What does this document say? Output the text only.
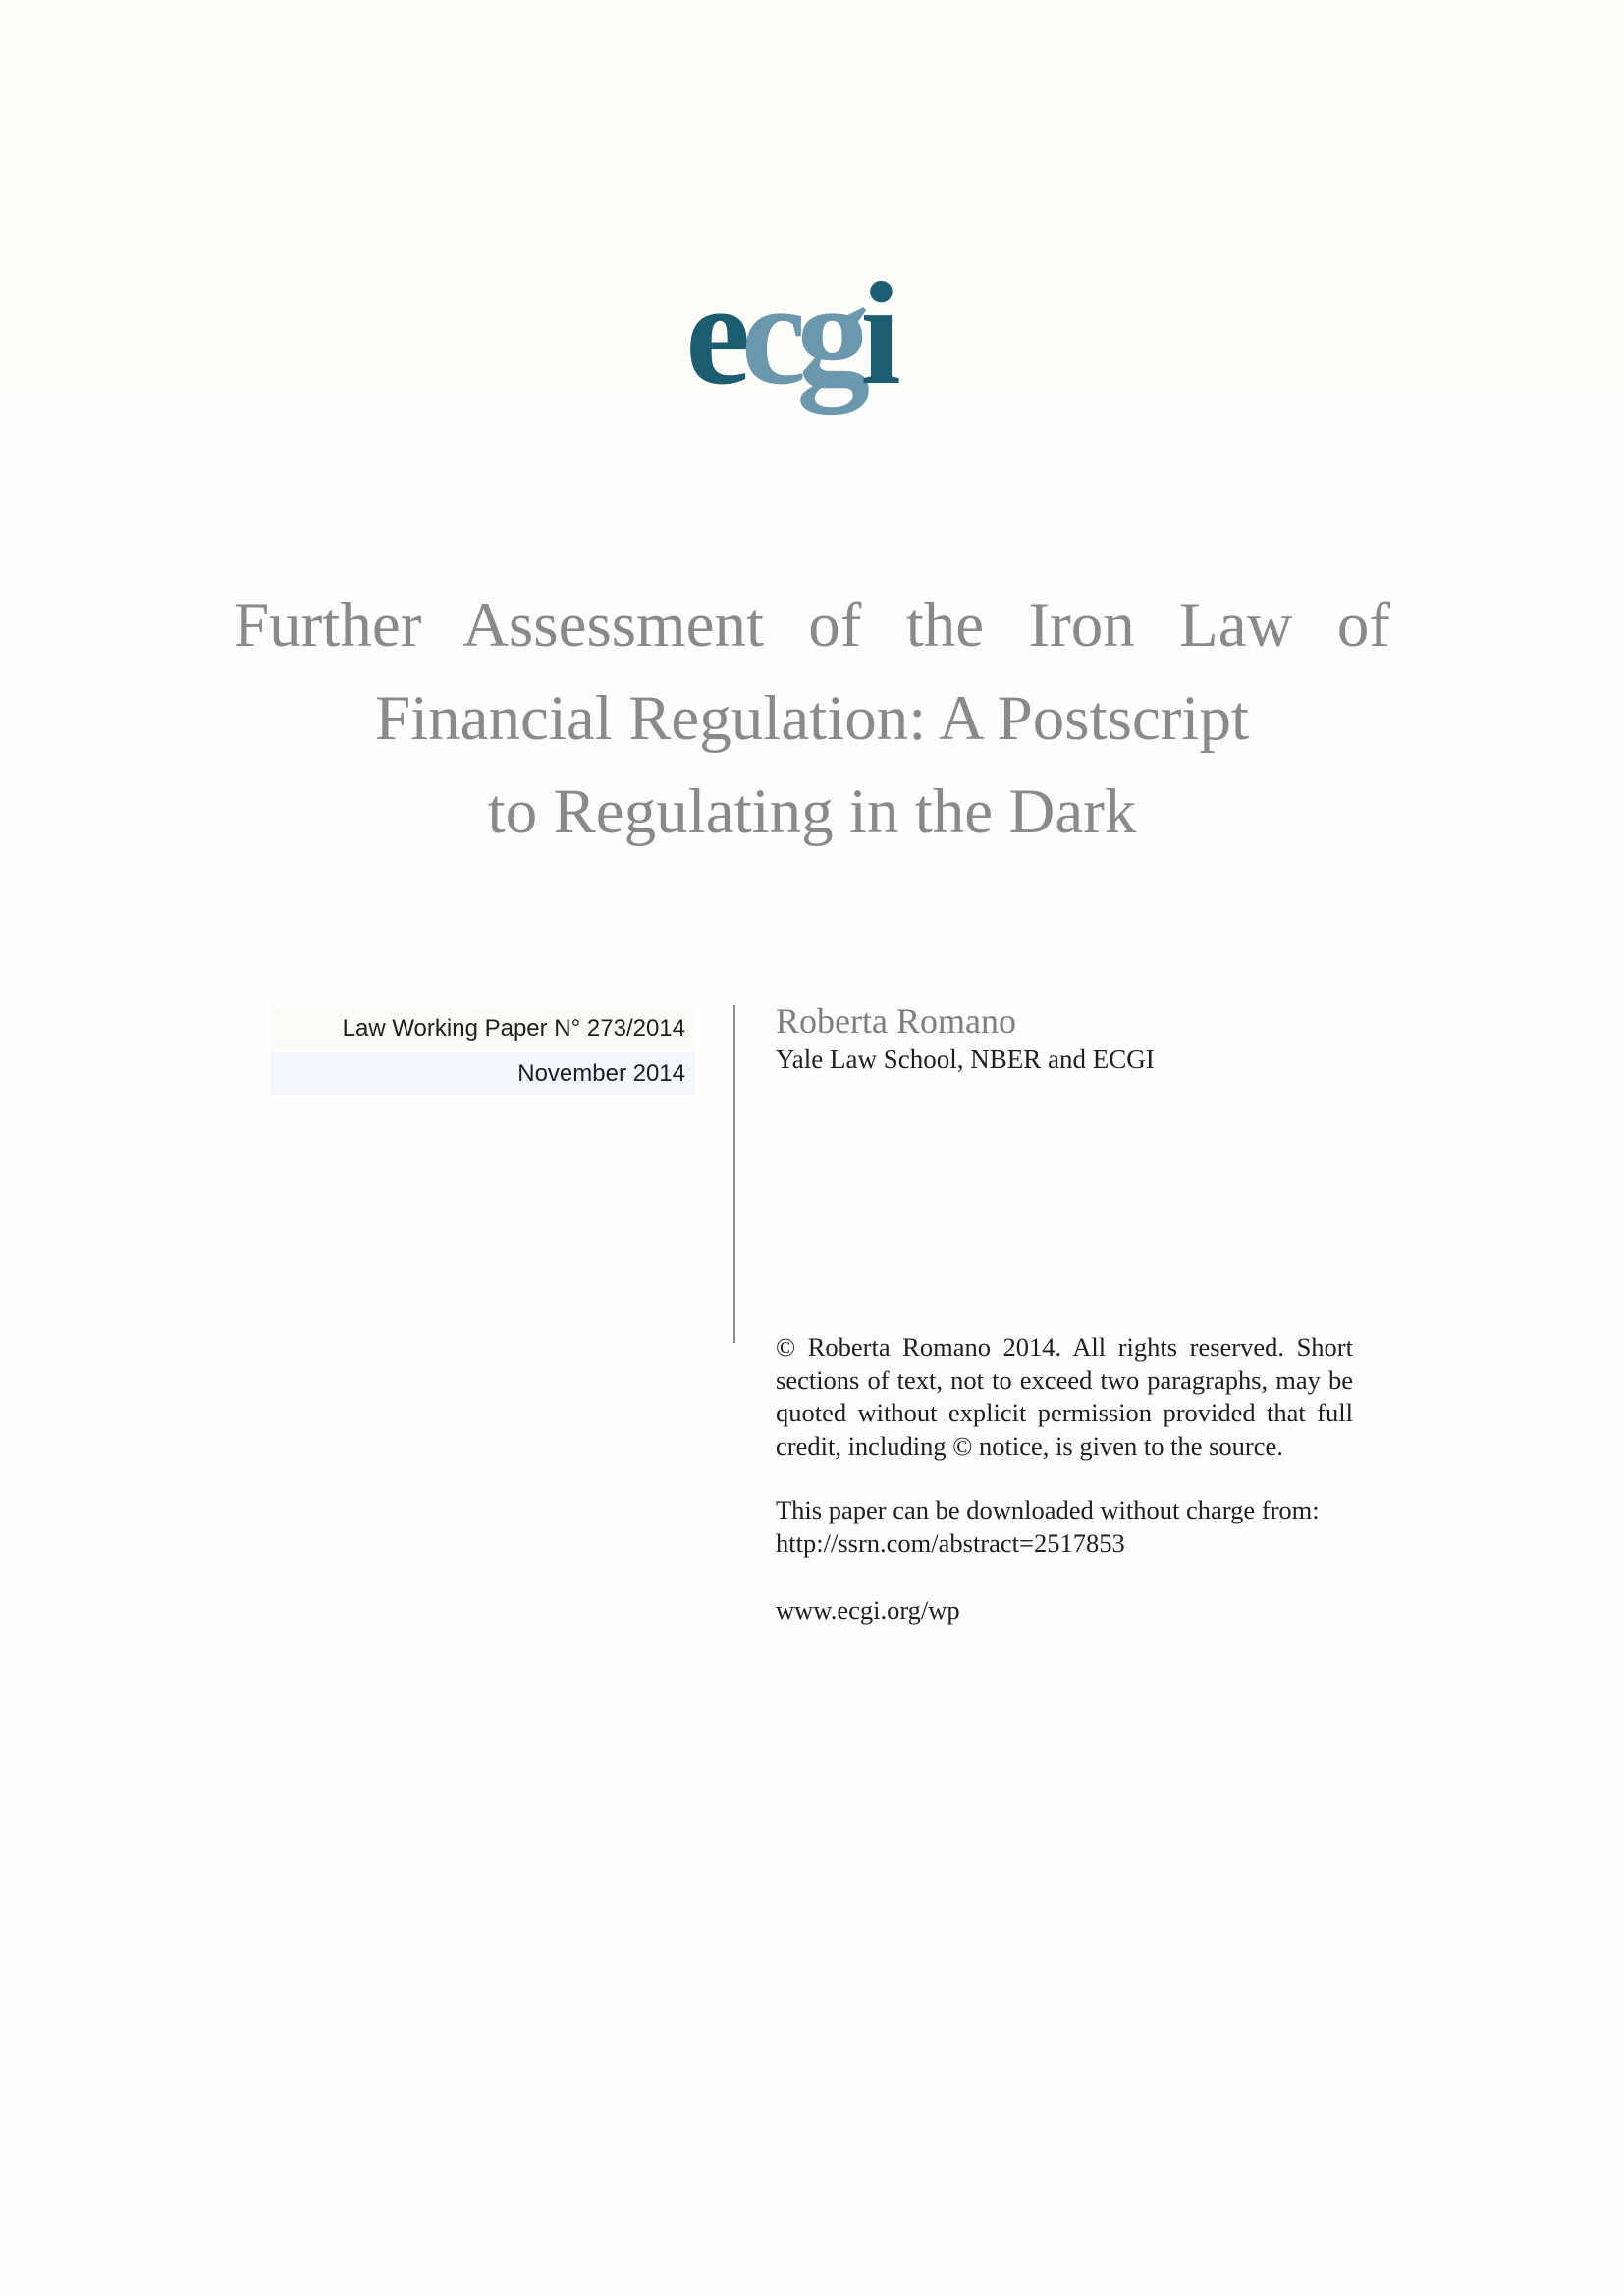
ecgi
Further Assessment of the Iron Law of
Financial Regulation: A Postscript
to Regulating in the Dark
Law Working Paper N° 273/2014
November 2014
Roberta Romano
Yale Law School, NBER and ECGI

© Roberta Romano 2014. All rights reserved. Short sections of text, not to exceed two paragraphs, may be quoted without explicit permission provided that full credit, including © notice, is given to the source.

This paper can be downloaded without charge from:
http://ssrn.com/abstract=2517853

www.ecgi.org/wp
